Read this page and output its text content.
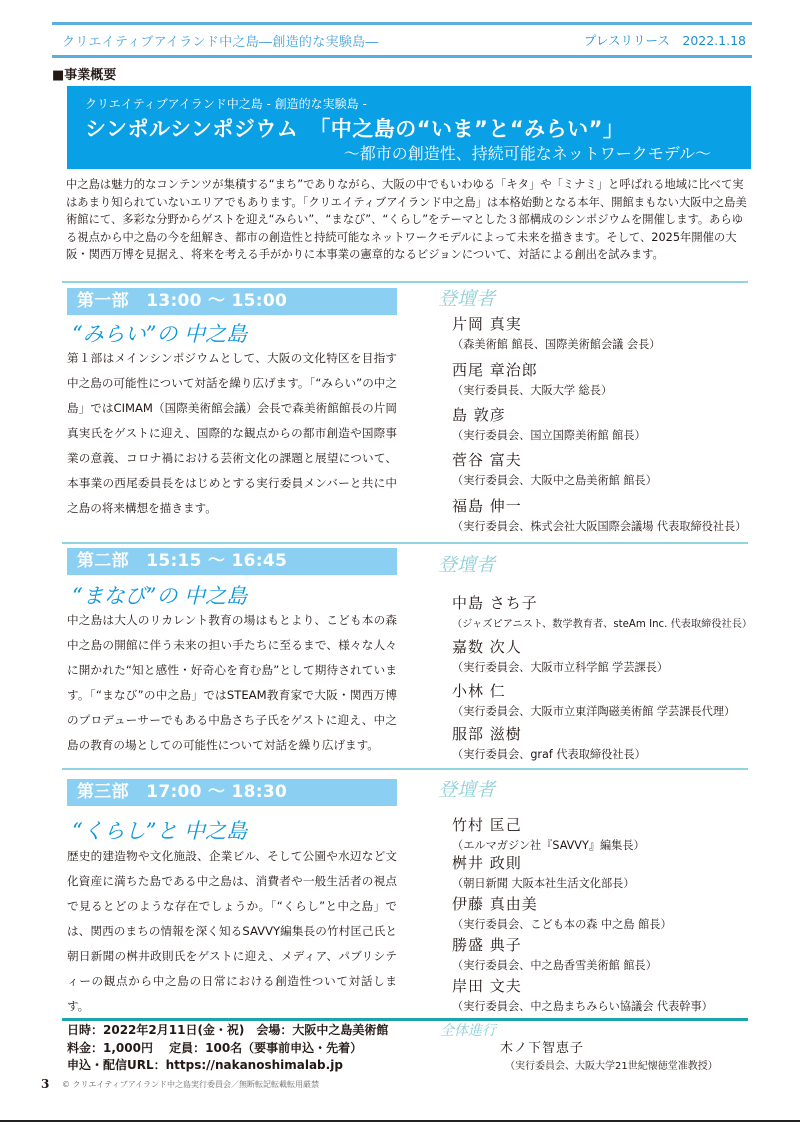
クリエイティブアイランド中之島―創造的な実験島―	プレスリリース　2022.1.18
■事業概要
クリエイティブアイランド中之島 - 創造的な実験島 -
シンポルシンポジウム　「中之島の“いま”と“みらい”」
～都市の創造性、持続可能なネットワークモデル～
中之島は魅力的なコンテンツが集積する“まち”でありながら、大阪の中でもいわゆる「キタ」や「ミナミ」と呼ばれる地域に比べて実はあまり知られていないエリアでもあります。「クリエイティブアイランド中之島」は本格始動となる本年、開館まもない大阪中之島美術館にて、多彩な分野からゲストを迎え“みらい”、“まなび”、“くらし”をテーマとした３部構成のシンポジウムを開催します。あらゆる視点から中之島の今を紐解き、都市の創造性と持続可能なネットワークモデルによって未来を描きます。そして、2025年開催の大阪・関西万博を見据え、将来を考える手がかりに本事業の憲章的なるビジョンについて、対話による創出を試みます。
第一部　13:00 ～ 15:00
“みらい”の 中之島
第１部はメインシンポジウムとして、大阪の文化特区を目指す中之島の可能性について対話を繰り広げます。「“みらい”の中之島」ではCIMAM（国際美術館会議）会長で森美術館館長の片岡真実氏をゲストに迎え、国際的な観点からの都市創造や国際事業の意義、コロナ禍における芸術文化の課題と展望について、本事業の西尾委員長をはじめとする実行委員メンバーと共に中之島の将来構想を描きます。
登壇者
片岡 真実
（森美術館 館長、国際美術館会議 会長）
西尾 章治郎
（実行委員長、大阪大学 総長）
島 敦彦
（実行委員会、国立国際美術館 館長）
菅谷 富夫
（実行委員会、大阪中之島美術館 館長）
福島 伸一
（実行委員会、株式会社大阪国際会議場 代表取締役社長）
第二部　15:15 ～ 16:45
“まなび”の 中之島
中之島は大人のリカレント教育の場はもとより、こども本の森 中之島の開館に伴う未来の担い手たちに至るまで、様々な人々に開かれた“知と感性・好奇心を育む島”として期待されています。「“まなび”の中之島」ではSTEAM教育家で大阪・関西万博のプロデューサーでもある中島さち子氏をゲストに迎え、中之島の教育の場としての可能性について対話を繰り広げます。
登壇者
中島 さち子
（ジャズピアニスト、数学教育者、steAm Inc. 代表取締役社長）
嘉数 次人
（実行委員会、大阪市立科学館 学芸課長）
小林 仁
（実行委員会、大阪市立東洋陶磁美術館 学芸課長代理）
服部 滋樹
（実行委員会、graf 代表取締役社長）
第三部　17:00 ～ 18:30
“くらし”と 中之島
歴史的建造物や文化施設、企業ビル、そして公園や水辺など文化資産に満ちた島である中之島は、消費者や一般生活者の視点で見るとどのような存在でしょうか。「“くらし”と中之島」では、関西のまちの情報を深く知るSAVVY編集長の竹村匡己氏と朝日新聞の桝井政則氏をゲストに迎え、メディア、パブリシティーの観点から中之島の日常における創造性ついて対話します。
登壇者
竹村 匡己
（エルマガジン社『SAVVY』編集長）
桝井 政則
（朝日新聞 大阪本社生活文化部長）
伊藤 真由美
（実行委員会、こども本の森 中之島 館長）
勝盛 典子
（実行委員会、中之島香雪美術館 館長）
岸田 文夫
（実行委員会、中之島まちみらい協議会 代表幹事）
日時：2022年2月11日(金・祝)　会場：大阪中之島美術館
料金：1,000円　 定員：100名（要事前申込・先着）
申込・配信URL：https://nakanoshimalab.jp
全体進行
木ノ下智恵子
（実行委員会、大阪大学21世紀懐徳堂准教授）
3 © クリエイティブアイランド中之島実行委員会／無断転記転載転用厳禁
